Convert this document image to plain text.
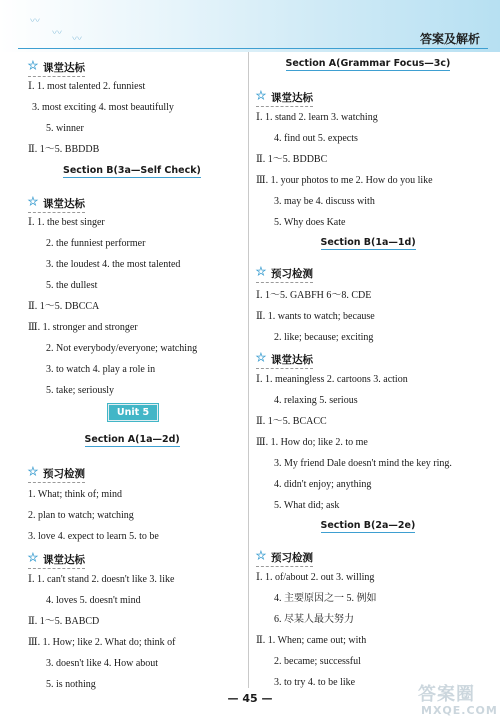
〰
〰
〰	答案及解析
Unit 5
★ 课堂达标
Ⅰ. 1. most talented 2. funniest
3. most exciting 4. most beautifully
5. winner
Ⅱ. 1～5. BBDDB
Section B(3a—Self Check)
★ 课堂达标
Ⅰ. 1. the best singer
2. the funniest performer
3. the loudest 4. the most talented
5. the dullest
Ⅱ. 1～5. DBCCA
Ⅲ. 1. stronger and stronger
2. Not everybody/everyone; watching
3. to watch 4. play a role in
5. take; seriously
Section A(1a—2d)
★ 预习检测
1. What; think of; mind
2. plan to watch; watching
3. love 4. expect to learn 5. to be
★ 课堂达标
Ⅰ. 1. can't stand 2. doesn't like 3. like
4. loves 5. doesn't mind
Ⅱ. 1～5. BABCD
Ⅲ. 1. How; like 2. What do; think of
3. doesn't like 4. How about
5. is nothing
Section A(Grammar Focus—3c)
★ 课堂达标
Ⅰ. 1. stand 2. learn 3. watching
4. find out 5. expects
Ⅱ. 1～5. BDDBC
Ⅲ. 1. your photos to me 2. How do you like
3. may be 4. discuss with
5. Why does Kate
Section B(1a—1d)
★ 预习检测
Ⅰ. 1～5. GABFH 6～8. CDE
Ⅱ. 1. wants to watch; because
2. like; because; exciting
★ 课堂达标
Ⅰ. 1. meaningless 2. cartoons 3. action
4. relaxing 5. serious
Ⅱ. 1～5. BCACC
Ⅲ. 1. How do; like 2. to me
3. My friend Dale doesn't mind the key ring.
4. didn't enjoy; anything
5. What did; ask
Section B(2a—2e)
★ 预习检测
Ⅰ. 1. of/about 2. out 3. willing
4. 主要原因之一 5. 例如
6. 尽某人最大努力
Ⅱ. 1. When; came out; with
2. became; successful
3. to try 4. to be like
— 45 —	答案圈
MXQE.COM
